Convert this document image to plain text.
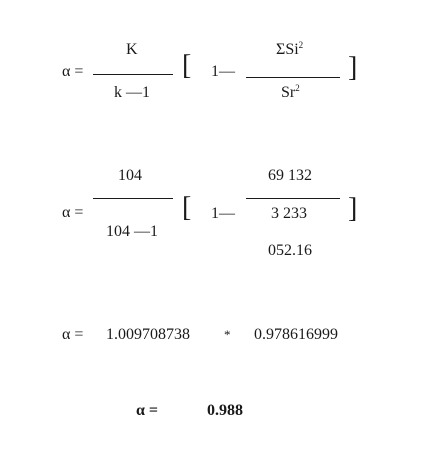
α =
K
k —1
[ 1—
ΣSi$^2$
Sr$^2$
]
α =
104
104 —1
[ 1—
69 132
3 233
052.16
]
α = 1.009708738	* 0.978616999
α =	0.988
